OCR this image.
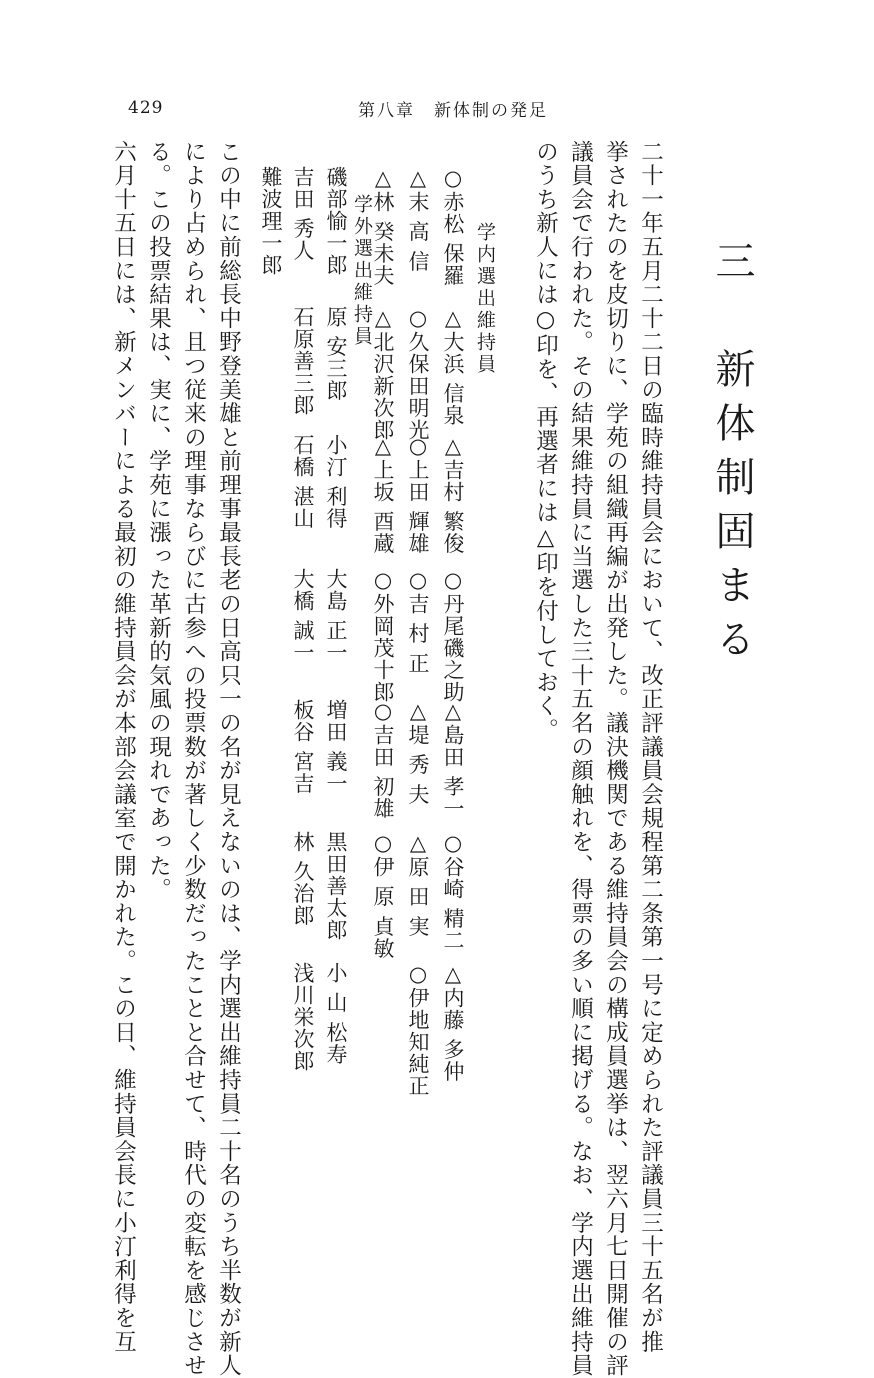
429	第八章　新体制の発足
三　新体制固まる
二十一年五月二十二日の臨時維持員会において、改正評議員会規程第二条第一号に定められた評議員三十五名が推
挙されたのを皮切りに、学苑の組織再編が出発した。議決機関である維持員会の構成員選挙は、翌六月七日開催の評
議員会で行われた。その結果維持員に当選した三十五名の顔触れを、得票の多い順に掲げる。なお、学内選出維持員
のうち新人には○印を、再選者には△印を付しておく。
学内選出維持員
○赤松 保羅
△大浜 信泉
△吉村 繁俊
○丹尾磯之助
△島田 孝一
○谷崎 精二
△内藤 多仲
△末 高 信
○久保田明光
○上田 輝雄
○吉 村 正
△堤 秀 夫
△原 田 実
○伊地知純正
△林 癸未夫
△北沢新次郎
△上坂 酉蔵
○外岡茂十郎
○吉田 初雄
○伊 原 貞敏
学外選出維持員
磯部愉一郎
原 安三郎
小汀 利得
大島 正一
増田 義一
黒田善太郎
小 山 松寿
吉田 秀人
石原善三郎
石橋 湛山
大橋 誠一
板谷 宮吉
林 久治郎
浅川栄次郎
難波理一郎
この中に前総長中野登美雄と前理事最長老の日高只一の名が見えないのは、学内選出維持員二十名のうち半数が新人
により占められ、且つ従来の理事ならびに古参への投票数が著しく少数だったことと合せて、時代の変転を感じさせ
る。この投票結果は、実に、学苑に漲った革新的気風の現れであった。
六月十五日には、新メンバーによる最初の維持員会が本部会議室で開かれた。この日、維持員会長に小汀利得を互
